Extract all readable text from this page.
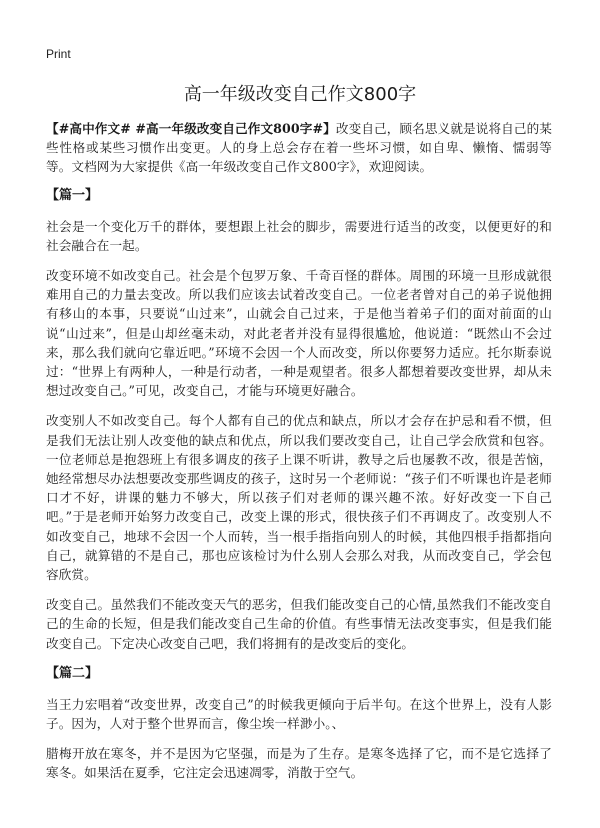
Print
高一年级改变自己作文800字

【#高中作文# #高一年级改变自己作文800字#】改变自己，顾名思义就是说将自己的某些性格或某些习惯作出变更。人的身上总会存在着一些坏习惯，如自卑、懒惰、懦弱等等。文档网为大家提供《高一年级改变自己作文800字》，欢迎阅读。

【篇一】

社会是一个变化万千的群体，要想跟上社会的脚步，需要进行适当的改变，以便更好的和社会融合在一起。

改变环境不如改变自己。社会是个包罗万象、千奇百怪的群体。周围的环境一旦形成就很难用自己的力量去变改。所以我们应该去试着改变自己。一位老者曾对自己的弟子说他拥有移山的本事，只要说“山过来”，山就会自己过来，于是他当着弟子们的面对前面的山说“山过来”，但是山却丝毫未动，对此老者并没有显得很尴尬，他说道：“既然山不会过来，那么我们就向它靠近吧。”环境不会因一个人而改变，所以你要努力适应。托尔斯泰说过：“世界上有两种人，一种是行动者，一种是观望者。很多人都想着要改变世界，却从未想过改变自己。”可见，改变自己，才能与环境更好融合。

改变别人不如改变自己。每个人都有自己的优点和缺点，所以才会存在护忌和看不惯，但是我们无法让别人改变他的缺点和优点，所以我们要改变自己，让自己学会欣赏和包容。一位老师总是抱怨班上有很多调皮的孩子上课不听讲，教导之后也屡教不改，很是苦恼，她经常想尽办法想要改变那些调皮的孩子，这时另一个老师说：“孩子们不听课也许是老师口才不好，讲课的魅力不够大，所以孩子们对老师的课兴趣不浓。好好改变一下自己吧。”于是老师开始努力改变自己，改变上课的形式，很快孩子们不再调皮了。改变别人不如改变自己，地球不会因一个人而转，当一根手指指向别人的时候，其他四根手指都指向自己，就算错的不是自己，那也应该检讨为什么别人会那么对我，从而改变自己，学会包容欣赏。

改变自己。虽然我们不能改变天气的恶劣，但我们能改变自己的心情,虽然我们不能改变自己的生命的长短，但是我们能改变自己生命的价值。有些事情无法改变事实，但是我们能改变自己。下定决心改变自己吧，我们将拥有的是改变后的变化。

【篇二】

当王力宏唱着“改变世界，改变自己”的时候我更倾向于后半句。在这个世界上，没有人影子。因为，人对于整个世界而言，像尘埃一样渺小。、

腊梅开放在寒冬，并不是因为它坚强，而是为了生存。是寒冬选择了它，而不是它选择了寒冬。如果活在夏季，它注定会迅速凋零，消散于空气。
